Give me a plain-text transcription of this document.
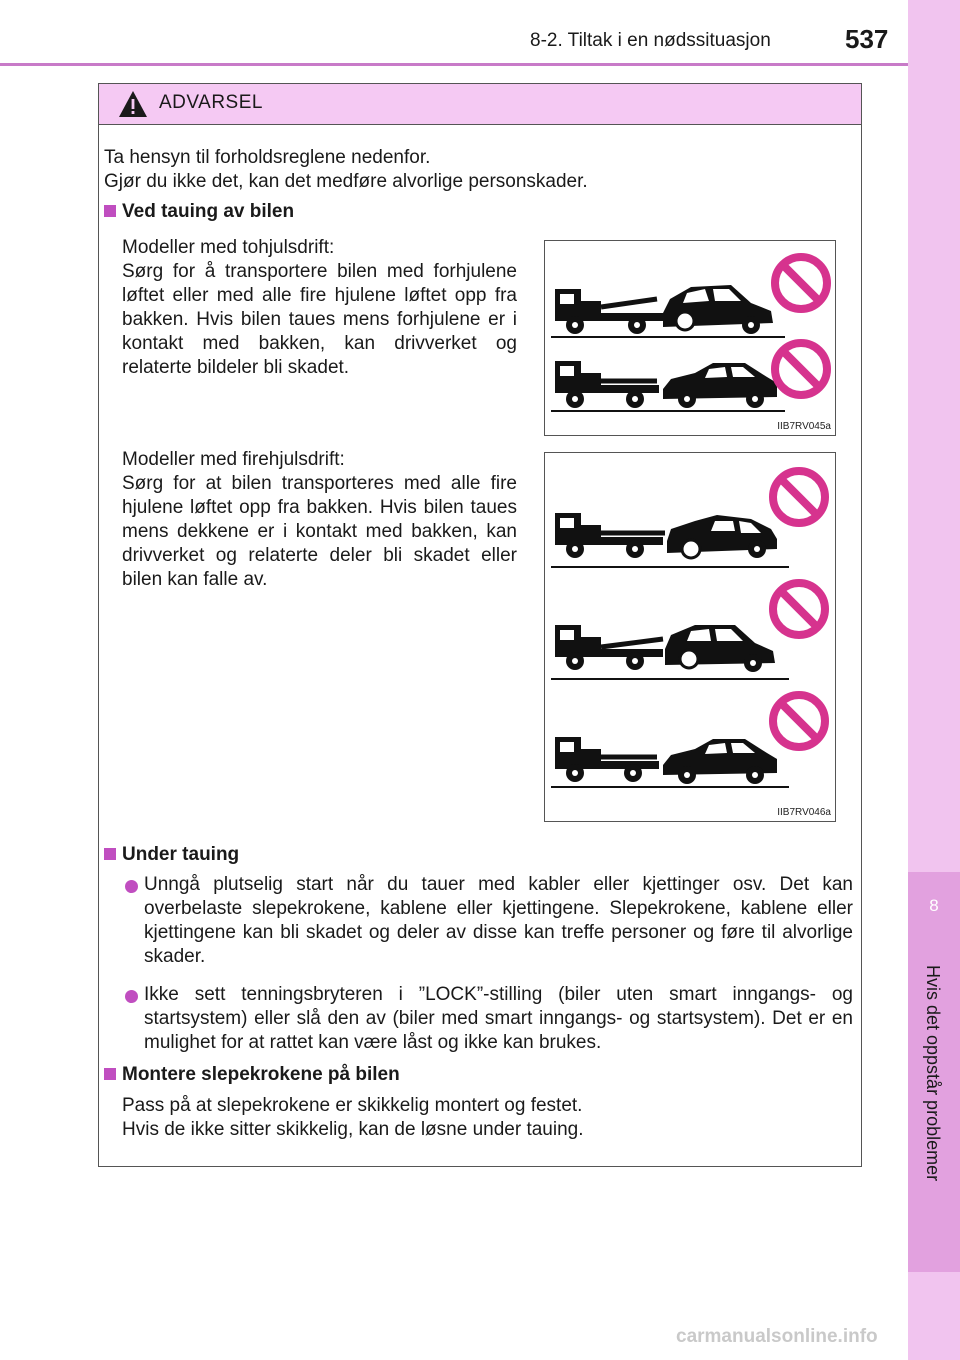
8-2. Tiltak i en nødssituasjon	537
8
Hvis det oppstår problemer
ADVARSEL
Ta hensyn til forholdsreglene nedenfor.
Gjør du ikke det, kan det medføre alvorlige personskader.
Ved tauing av bilen
Modeller med tohjulsdrift:
Sørg for å transportere bilen med forhjulene løftet eller med alle fire hjulene løftet opp fra bakken. Hvis bilen taues mens forhjulene er i kontakt med bakken, kan drivverket og relaterte bildeler bli skadet.
IIB7RV045a
Modeller med firehjulsdrift:
Sørg for at bilen transporteres med alle fire hjulene løftet opp fra bakken. Hvis bilen taues mens dekkene er i kontakt med bakken, kan drivverket og relaterte deler bli skadet eller bilen kan falle av.
IIB7RV046a
Under tauing
Unngå plutselig start når du tauer med kabler eller kjettinger osv. Det kan overbelaste slepekrokene, kablene eller kjettingene. Slepekrokene, kablene eller kjettingene kan bli skadet og deler av disse kan treffe personer og føre til alvorlige skader.
Ikke sett tenningsbryteren i ”LOCK”-stilling (biler uten smart inngangs- og startsystem) eller slå den av (biler med smart inngangs- og startsystem). Det er en mulighet for at rattet kan være låst og ikke kan brukes.
Montere slepekrokene på bilen
Pass på at slepekrokene er skikkelig montert og festet.
Hvis de ikke sitter skikkelig, kan de løsne under tauing.
carmanualsonline.info
